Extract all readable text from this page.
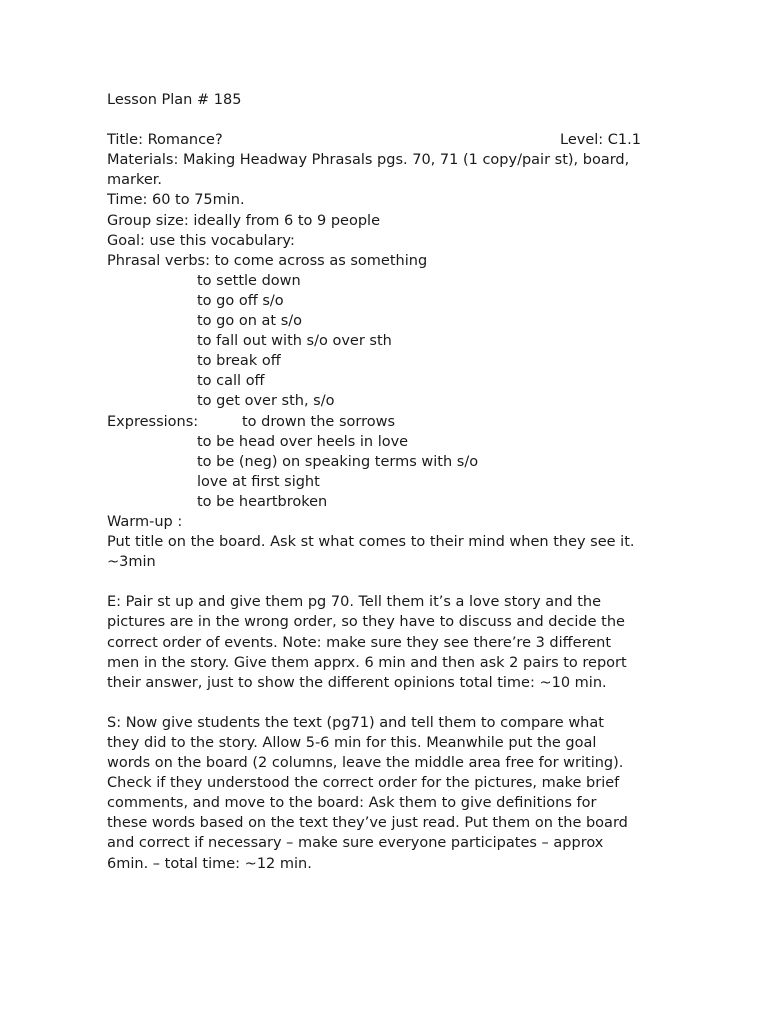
Lesson Plan # 185
Title: Romance?	Level: C1.1
Materials: Making Headway Phrasals pgs. 70, 71 (1 copy/pair st), board,
marker.
Time: 60 to 75min.
Group size: ideally from 6 to 9 people
Goal: use this vocabulary:
Phrasal verbs: to come across as something
to settle down
to go off s/o
to go on at s/o
to fall out with s/o over sth
to break off
to call off
to get over sth, s/o
Expressions:	to drown the sorrows
to be head over heels in love
to be (neg) on speaking terms with s/o
love at first sight
to be heartbroken
Warm-up :
Put title on the board. Ask st what comes to their mind when they see it.
~3min
E: Pair st up and give them pg 70. Tell them it’s a love story and the
pictures are in the wrong order, so they have to discuss and decide the
correct order of events. Note: make sure they see there’re 3 different
men in the story. Give them apprx. 6 min and then ask 2 pairs to report
their answer, just to show the different opinions total time: ~10 min.
S: Now give students the text (pg71) and tell them to compare what
they did to the story. Allow 5-6 min for this. Meanwhile put the goal
words on the board (2 columns, leave the middle area free for writing).
Check if they understood the correct order for the pictures, make brief
comments, and move to the board: Ask them to give definitions for
these words based on the text they’ve just read. Put them on the board
and correct if necessary – make sure everyone participates – approx
6min. – total time: ~12 min.
